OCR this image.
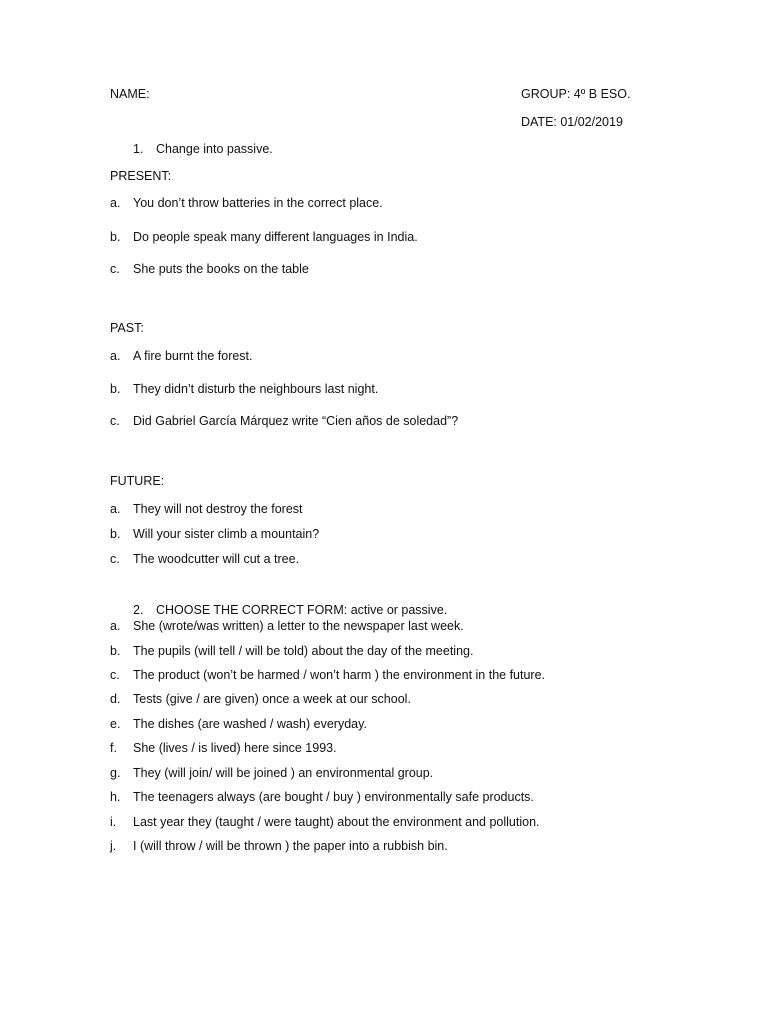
NAME:	GROUP: 4º B ESO.
DATE: 01/02/2019
1. Change into passive.
PRESENT:
a. You don’t throw batteries in the correct place.
b. Do people speak many different languages in India.
c. She puts the books on the table
PAST:
a. A fire burnt the forest.
b. They didn’t disturb the neighbours last night.
c. Did Gabriel García Márquez write “Cien años de soledad”?
FUTURE:
a. They will not destroy the forest
b. Will your sister climb a mountain?
c. The woodcutter will cut a tree.
2. CHOOSE THE CORRECT FORM: active or passive.
a. She (wrote/was written) a letter to the newspaper last week.
b. The pupils (will tell / will be told) about the day of the meeting.
c. The product (won’t be harmed / won’t harm ) the environment in the future.
d. Tests (give / are given) once a week at our school.
e. The dishes (are washed / wash) everyday.
f. She (lives / is lived) here since 1993.
g. They (will join/ will be joined ) an environmental group.
h. The teenagers always (are bought / buy ) environmentally safe products.
i. Last year they (taught / were taught) about the environment and pollution.
j. I (will throw / will be thrown ) the paper into a rubbish bin.
